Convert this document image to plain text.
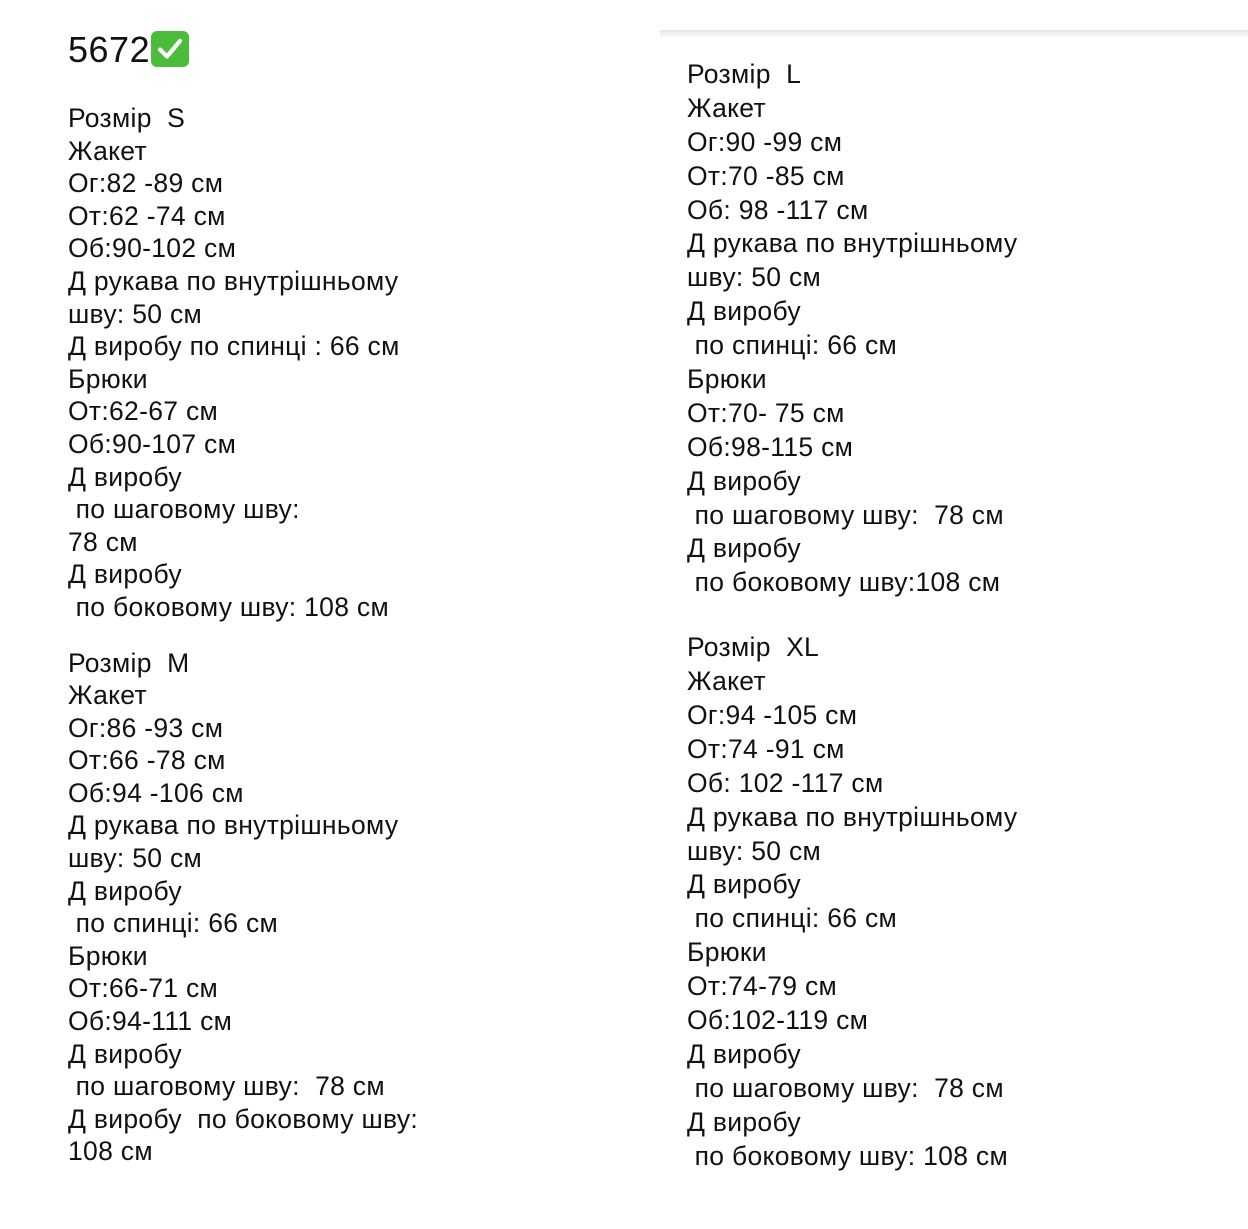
5672
Розмір  S
Жакет
Ог:82 -89 см
От:62 -74 см
Об:90-102 см
Д рукава по внутрішньому
шву: 50 см
Д виробу по спинці : 66 см
Брюки
От:62-67 см
Об:90-107 см
Д виробу
по шаговому шву:
78 см
Д виробу
по боковому шву: 108 см
Розмір  M
Жакет
Ог:86 -93 см
От:66 -78 см
Об:94 -106 см
Д рукава по внутрішньому
шву: 50 см
Д виробу
по спинці: 66 см
Брюки
От:66-71 см
Об:94-111 см
Д виробу
по шаговому шву:  78 см
Д виробу  по боковому шву:
108 см
Розмір  L
Жакет
Ог:90 -99 см
От:70 -85 см
Об: 98 -117 см
Д рукава по внутрішньому
шву: 50 см
Д виробу
по спинці: 66 см
Брюки
От:70- 75 см
Об:98-115 см
Д виробу
по шаговому шву:  78 см
Д виробу
по боковому шву:108 см
Розмір  XL
Жакет
Ог:94 -105 см
От:74 -91 см
Об: 102 -117 см
Д рукава по внутрішньому
шву: 50 см
Д виробу
по спинці: 66 см
Брюки
От:74-79 см
Об:102-119 см
Д виробу
по шаговому шву:  78 см
Д виробу
по боковому шву: 108 см
